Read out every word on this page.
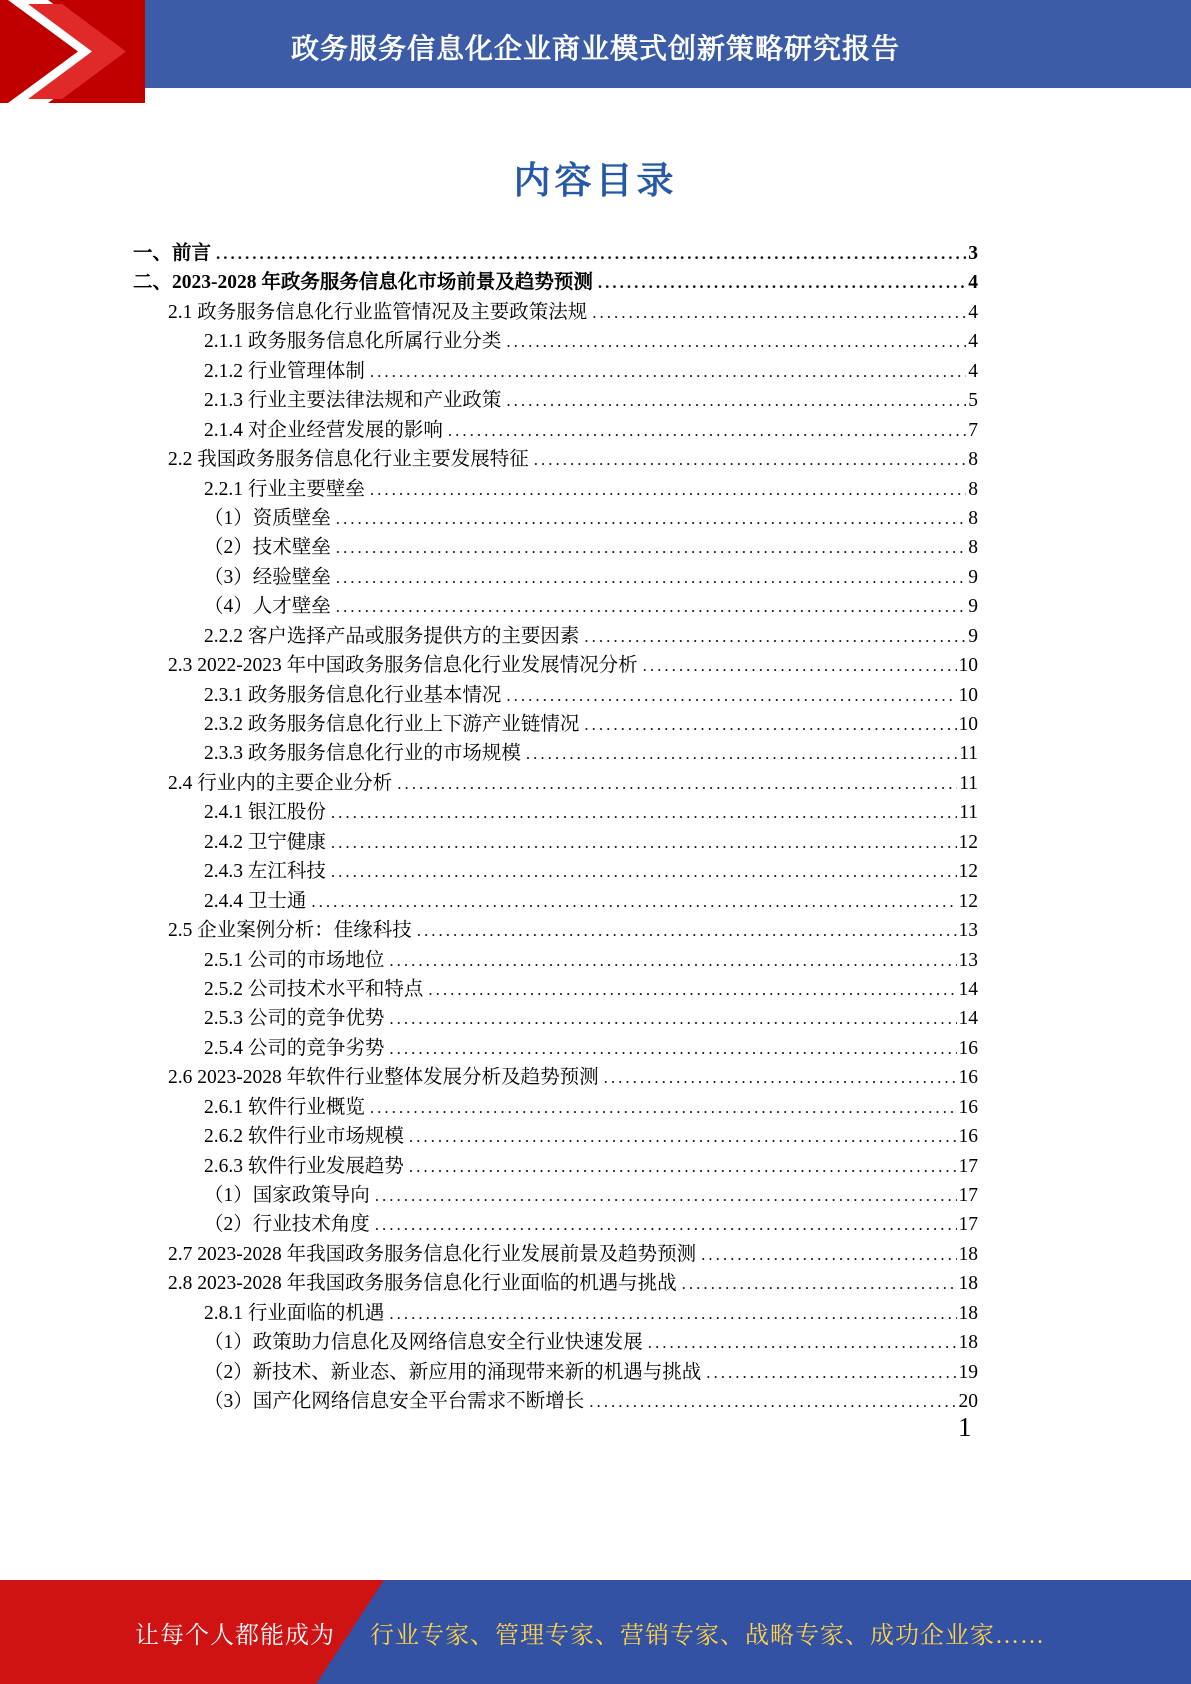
政务服务信息化企业商业模式创新策略研究报告
内容目录
一、前言 .....	3
二、2023-2028 年政务服务信息化市场前景及趋势预测 .....	4
2.1 政务服务信息化行业监管情况及主要政策法规 .....	4
2.1.1 政务服务信息化所属行业分类 .....	4
2.1.2 行业管理体制 .....	4
2.1.3 行业主要法律法规和产业政策 .....	5
2.1.4 对企业经营发展的影响 .....	7
2.2 我国政务服务信息化行业主要发展特征 .....	8
2.2.1 行业主要壁垒 .....	8
（1）资质壁垒 .....	8
（2）技术壁垒 .....	8
（3）经验壁垒 .....	9
（4）人才壁垒 .....	9
2.2.2 客户选择产品或服务提供方的主要因素 .....	9
2.3 2022-2023 年中国政务服务信息化行业发展情况分析 .....	10
2.3.1 政务服务信息化行业基本情况 .....	10
2.3.2 政务服务信息化行业上下游产业链情况 .....	10
2.3.3 政务服务信息化行业的市场规模 .....	11
2.4 行业内的主要企业分析 .....	11
2.4.1 银江股份 .....	11
2.4.2 卫宁健康 .....	12
2.4.3 左江科技 .....	12
2.4.4 卫士通 .....	12
2.5 企业案例分析：佳缘科技 .....	13
2.5.1 公司的市场地位 .....	13
2.5.2 公司技术水平和特点 .....	14
2.5.3 公司的竞争优势 .....	14
2.5.4 公司的竞争劣势 .....	16
2.6 2023-2028 年软件行业整体发展分析及趋势预测 .....	16
2.6.1 软件行业概览 .....	16
2.6.2 软件行业市场规模 .....	16
2.6.3 软件行业发展趋势 .....	17
（1）国家政策导向 .....	17
（2）行业技术角度 .....	17
2.7 2023-2028 年我国政务服务信息化行业发展前景及趋势预测 .....	18
2.8 2023-2028 年我国政务服务信息化行业面临的机遇与挑战 .....	18
2.8.1 行业面临的机遇 .....	18
（1）政策助力信息化及网络信息安全行业快速发展 .....	18
（2）新技术、新业态、新应用的涌现带来新的机遇与挑战 .....	19
（3）国产化网络信息安全平台需求不断增长 .....	20
1
让每个人都能成为 行业专家、管理专家、营销专家、战略专家、成功企业家……
